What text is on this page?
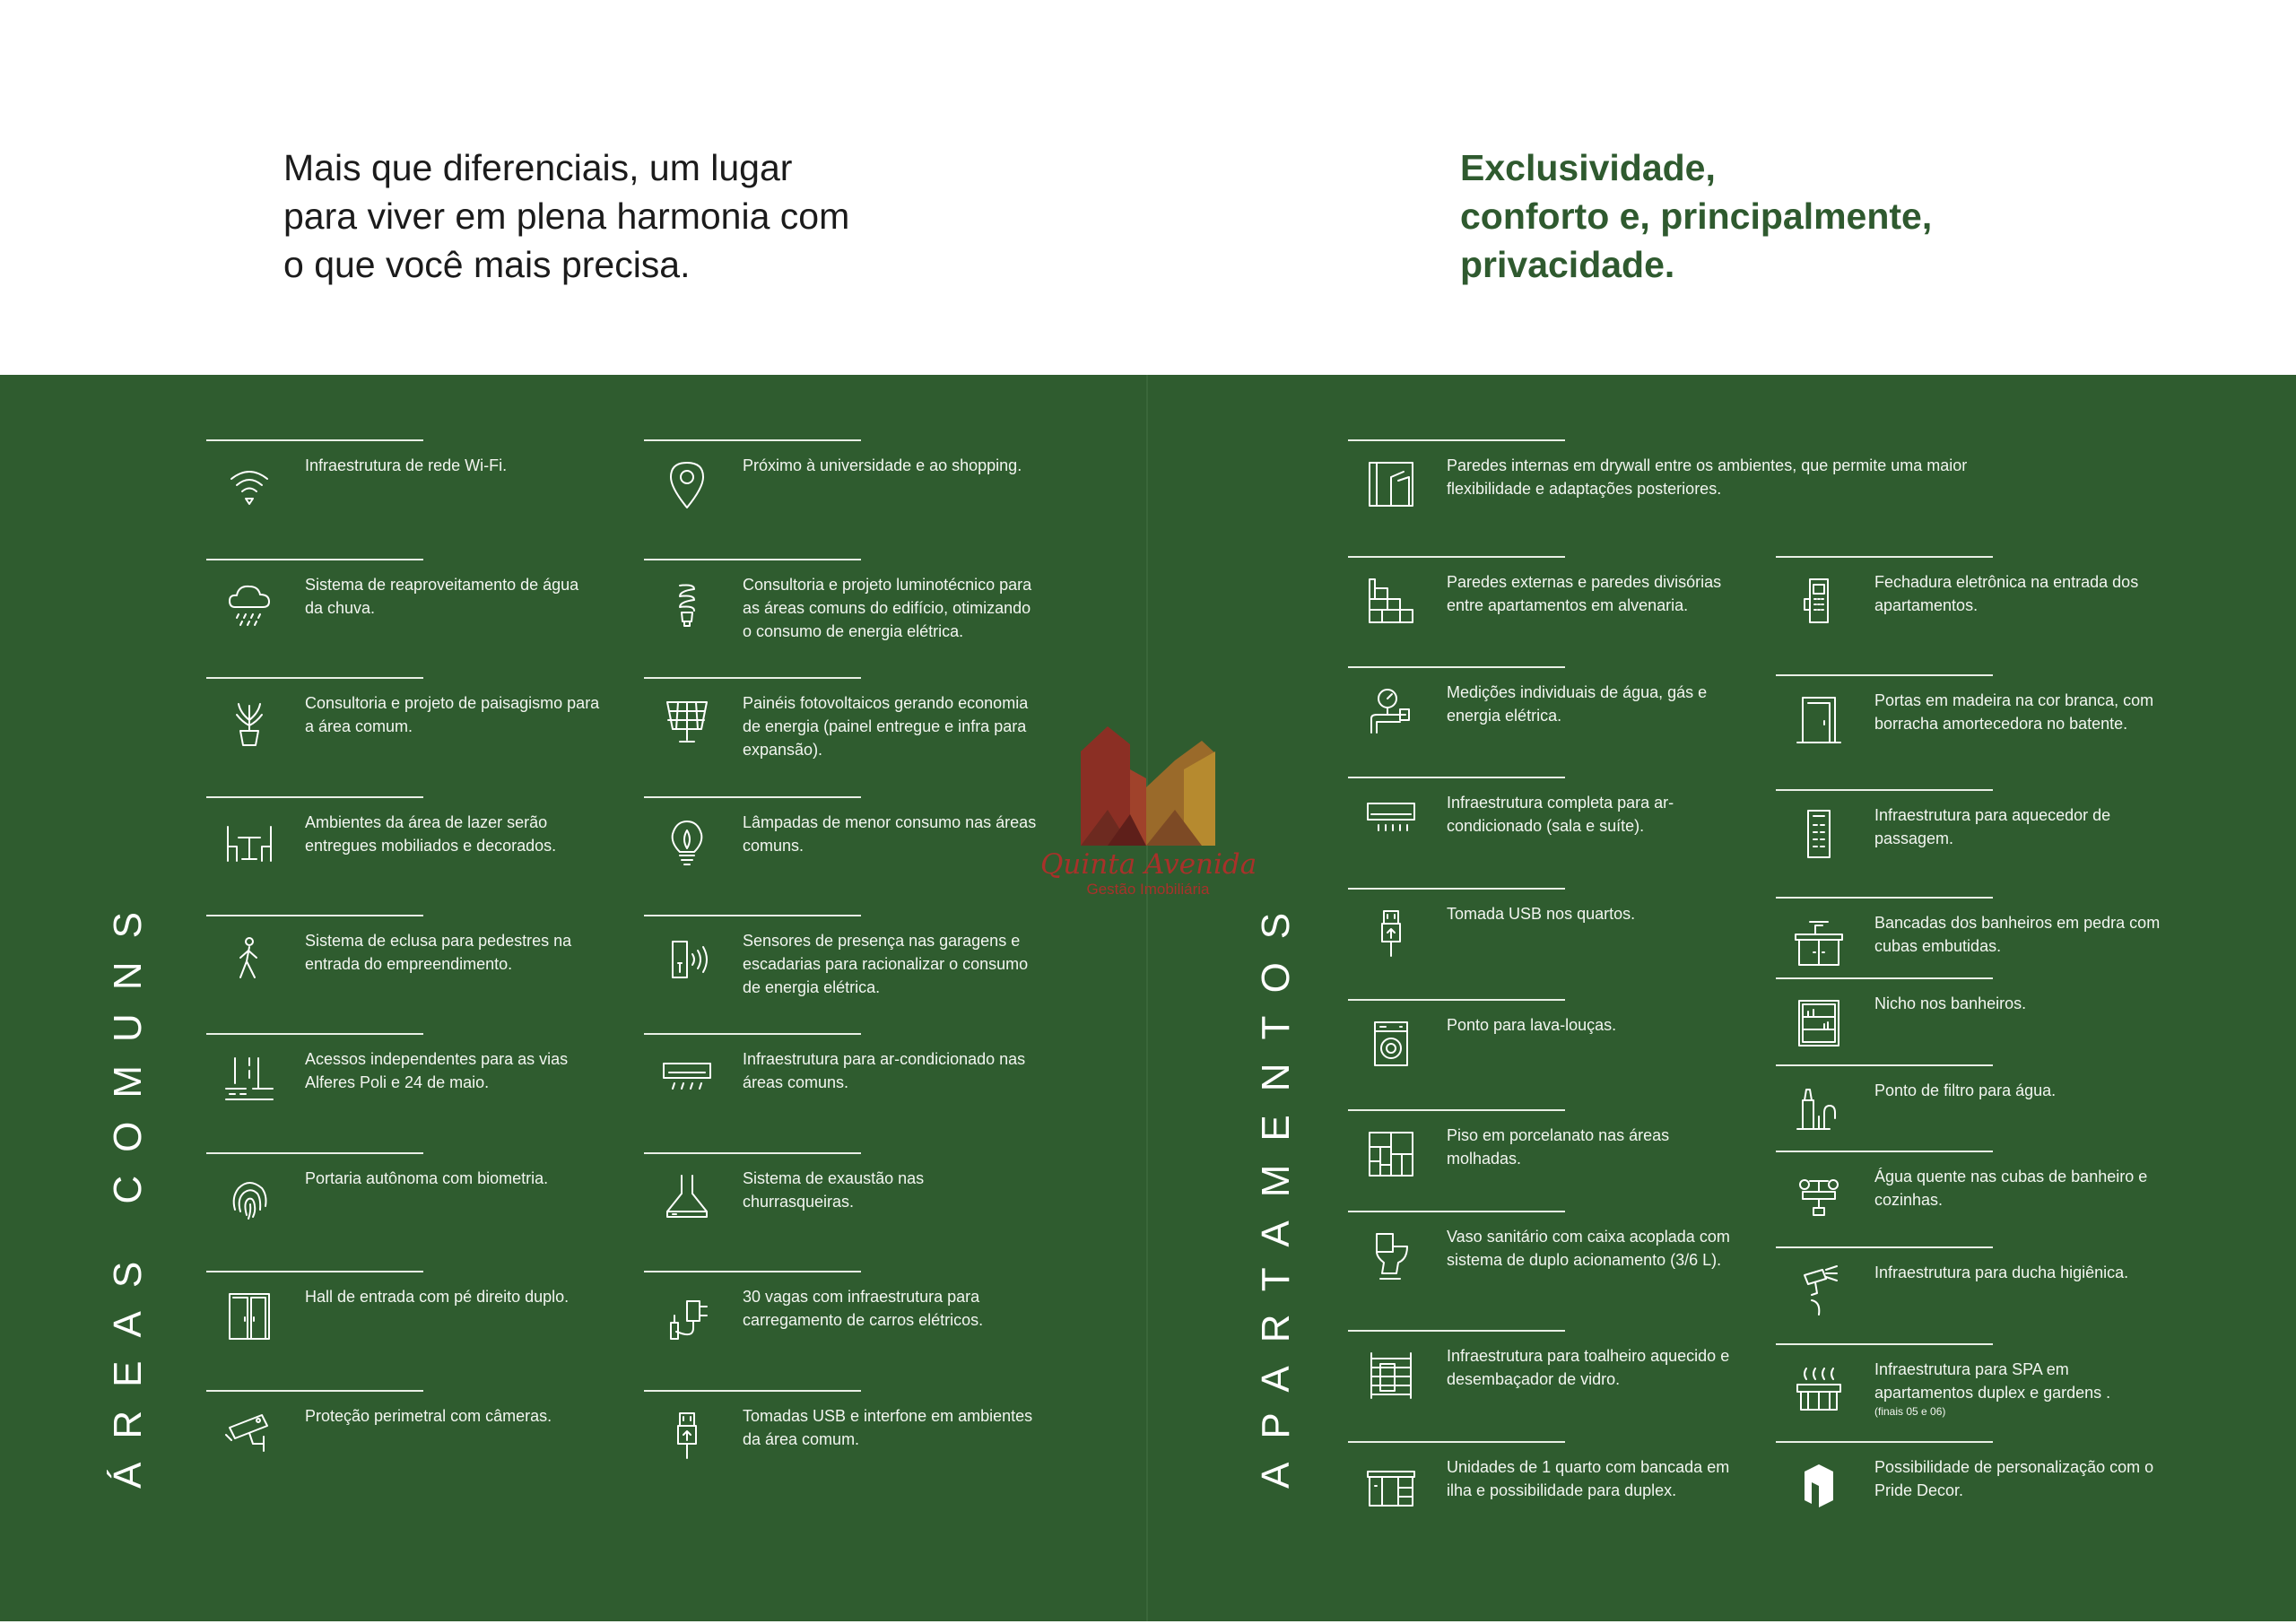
Mais que diferenciais, um lugar
para viver em plena harmonia com
o que você mais precisa.
Exclusividade,
conforto e, principalmente,
privacidade.
ÁREAS COMUNS	APARTAMENTOS
Paredes internas em drywall entre os ambientes, que permite uma maior flexibilidade e adaptações posteriores.
Infraestrutura de rede Wi-Fi.
Sistema de reaproveitamento de água da chuva.
Consultoria e projeto de paisagismo para a área comum.
Ambientes da área de lazer serão entregues mobiliados e decorados.
Sistema de eclusa para pedestres na entrada do empreendimento.
Acessos independentes para as vias Alferes Poli e 24 de maio.
Portaria autônoma com biometria.
Hall de entrada com pé direito duplo.
Proteção perimetral com câmeras.
Próximo à universidade e ao shopping.
Consultoria e projeto luminotécnico para as áreas comuns do edifício, otimizando o consumo de energia elétrica.
Painéis fotovoltaicos gerando economia de energia (painel entregue e infra para expansão).
Lâmpadas de menor consumo nas áreas comuns.
Sensores de presença nas garagens e escadarias para racionalizar o consumo de energia elétrica.
Infraestrutura para ar-condicionado nas áreas comuns.
Sistema de exaustão nas churrasqueiras.
30 vagas com infraestrutura para carregamento de carros elétricos.
Tomadas USB e interfone em ambientes da área comum.
Paredes externas e paredes divisórias entre apartamentos em alvenaria.
Medições individuais de água, gás e energia elétrica.
Infraestrutura completa para ar-condicionado (sala e suíte).
Tomada USB nos quartos.
Ponto para lava-louças.
Piso em porcelanato nas áreas molhadas.
Vaso sanitário com caixa acoplada com sistema de duplo acionamento (3/6 L).
Infraestrutura para toalheiro aquecido e desembaçador de vidro.
Unidades de 1 quarto com bancada em ilha e possibilidade para duplex.
Fechadura eletrônica na entrada dos apartamentos.
Portas em madeira na cor branca, com borracha amortecedora no batente.
Infraestrutura para aquecedor de passagem.
Bancadas dos banheiros em pedra com cubas embutidas.
Nicho nos banheiros.
Ponto de filtro para água.
Água quente nas cubas de banheiro e cozinhas.
Infraestrutura para ducha higiênica.
Infraestrutura para SPA em apartamentos duplex e gardens .
(finais 05 e 06)
Possibilidade de personalização com o Pride Decor.
Quinta Avenida
Gestão Imobiliária
